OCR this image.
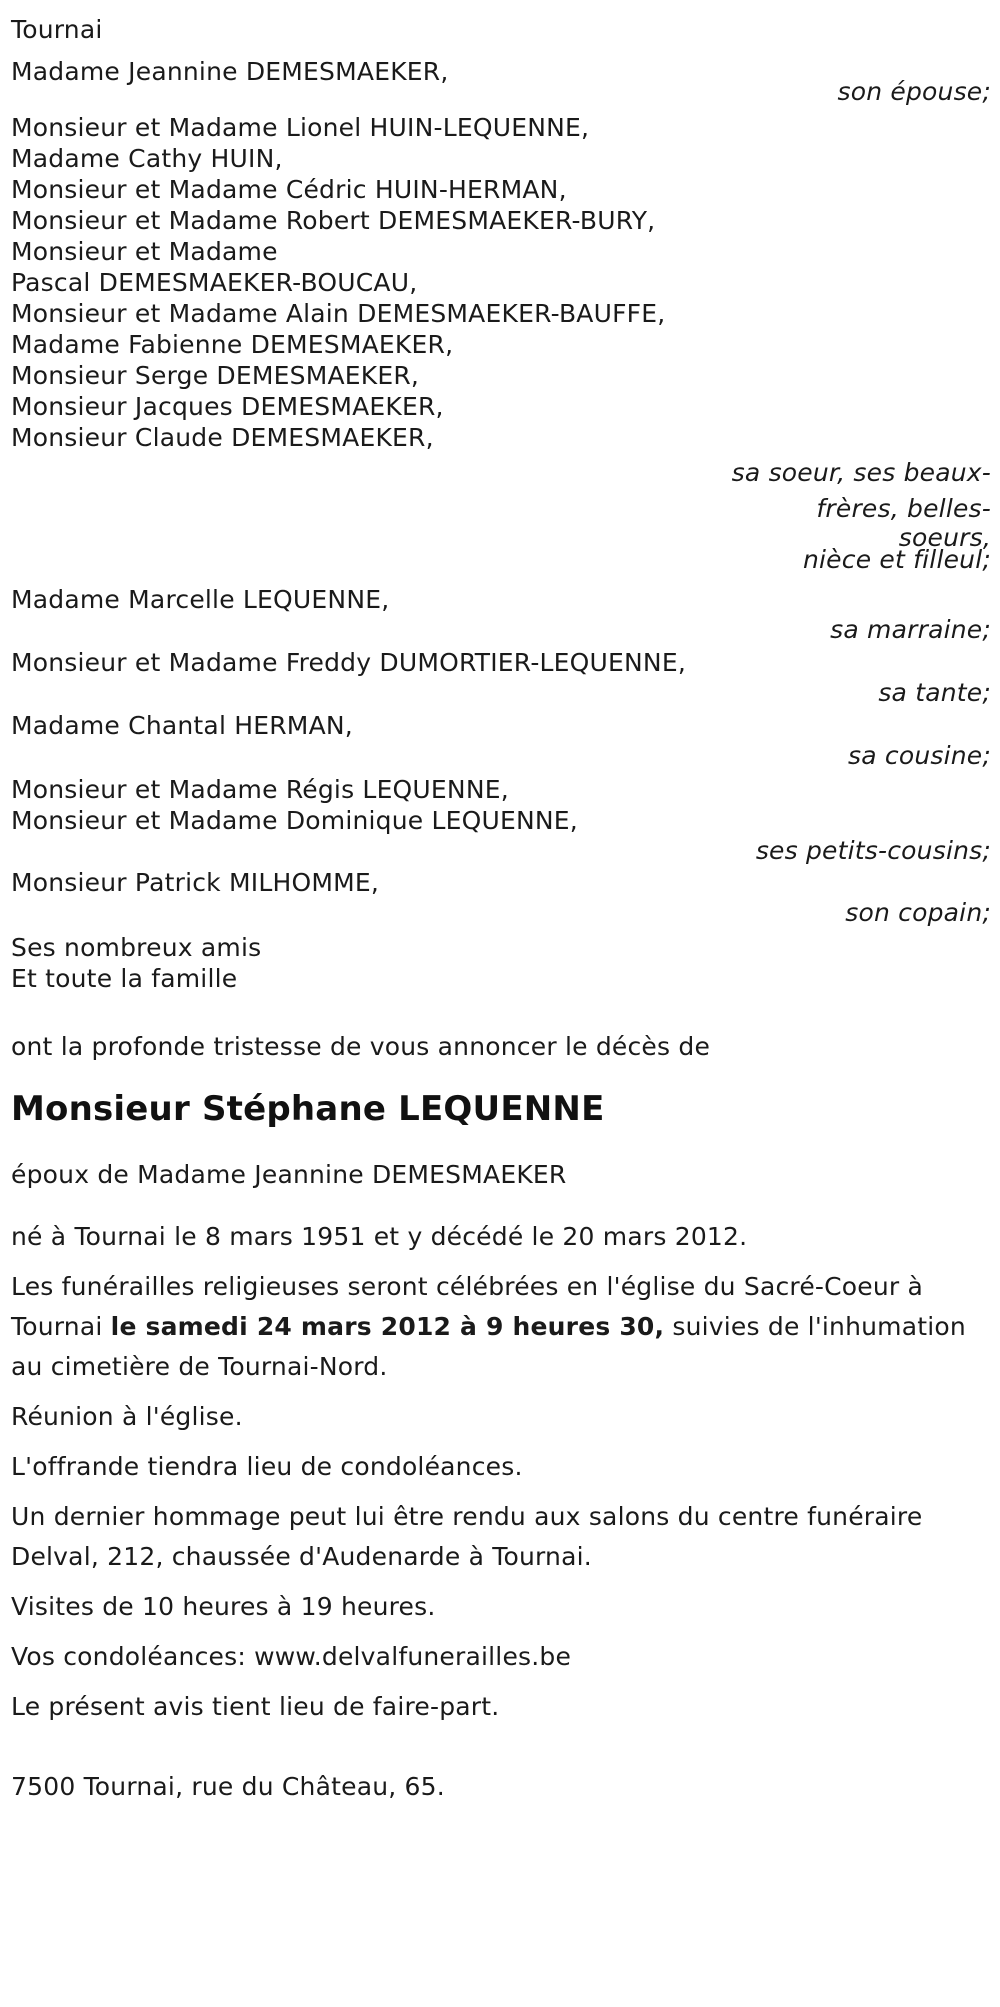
Tournai

Madame Jeannine DEMESMAEKER,

son épouse;

Monsieur et Madame Lionel HUIN-LEQUENNE,

Madame Cathy HUIN,

Monsieur et Madame Cédric HUIN-HERMAN,

Monsieur et Madame Robert DEMESMAEKER-BURY,

Monsieur et Madame

Pascal DEMESMAEKER-BOUCAU,

Monsieur et Madame Alain DEMESMAEKER-BAUFFE,

Madame Fabienne DEMESMAEKER,

Monsieur Serge DEMESMAEKER,

Monsieur Jacques DEMESMAEKER,

Monsieur Claude DEMESMAEKER,

sa soeur, ses beaux-
frères, belles-
soeurs,
nièce et filleul;

Madame Marcelle LEQUENNE,

sa marraine;

Monsieur et Madame Freddy DUMORTIER-LEQUENNE,

sa tante;

Madame Chantal HERMAN,

sa cousine;

Monsieur et Madame Régis LEQUENNE,

Monsieur et Madame Dominique LEQUENNE,

ses petits-cousins;

Monsieur Patrick MILHOMME,

son copain;

Ses nombreux amis

Et toute la famille

ont la profonde tristesse de vous annoncer le décès de

Monsieur Stéphane LEQUENNE

époux de Madame Jeannine DEMESMAEKER

né à Tournai le 8 mars 1951 et y décédé le 20 mars 2012.

Les funérailles religieuses seront célébrées en l'église du Sacré-Coeur à Tournai le samedi 24 mars 2012 à 9 heures 30, suivies de l'inhumation au cimetière de Tournai-Nord.

Réunion à l'église.

L'offrande tiendra lieu de condoléances.

Un dernier hommage peut lui être rendu aux salons du centre funéraire Delval, 212, chaussée d'Audenarde à Tournai.

Visites de 10 heures à 19 heures.

Vos condoléances: www.delvalfunerailles.be

Le présent avis tient lieu de faire-part.

7500 Tournai, rue du Château, 65.
